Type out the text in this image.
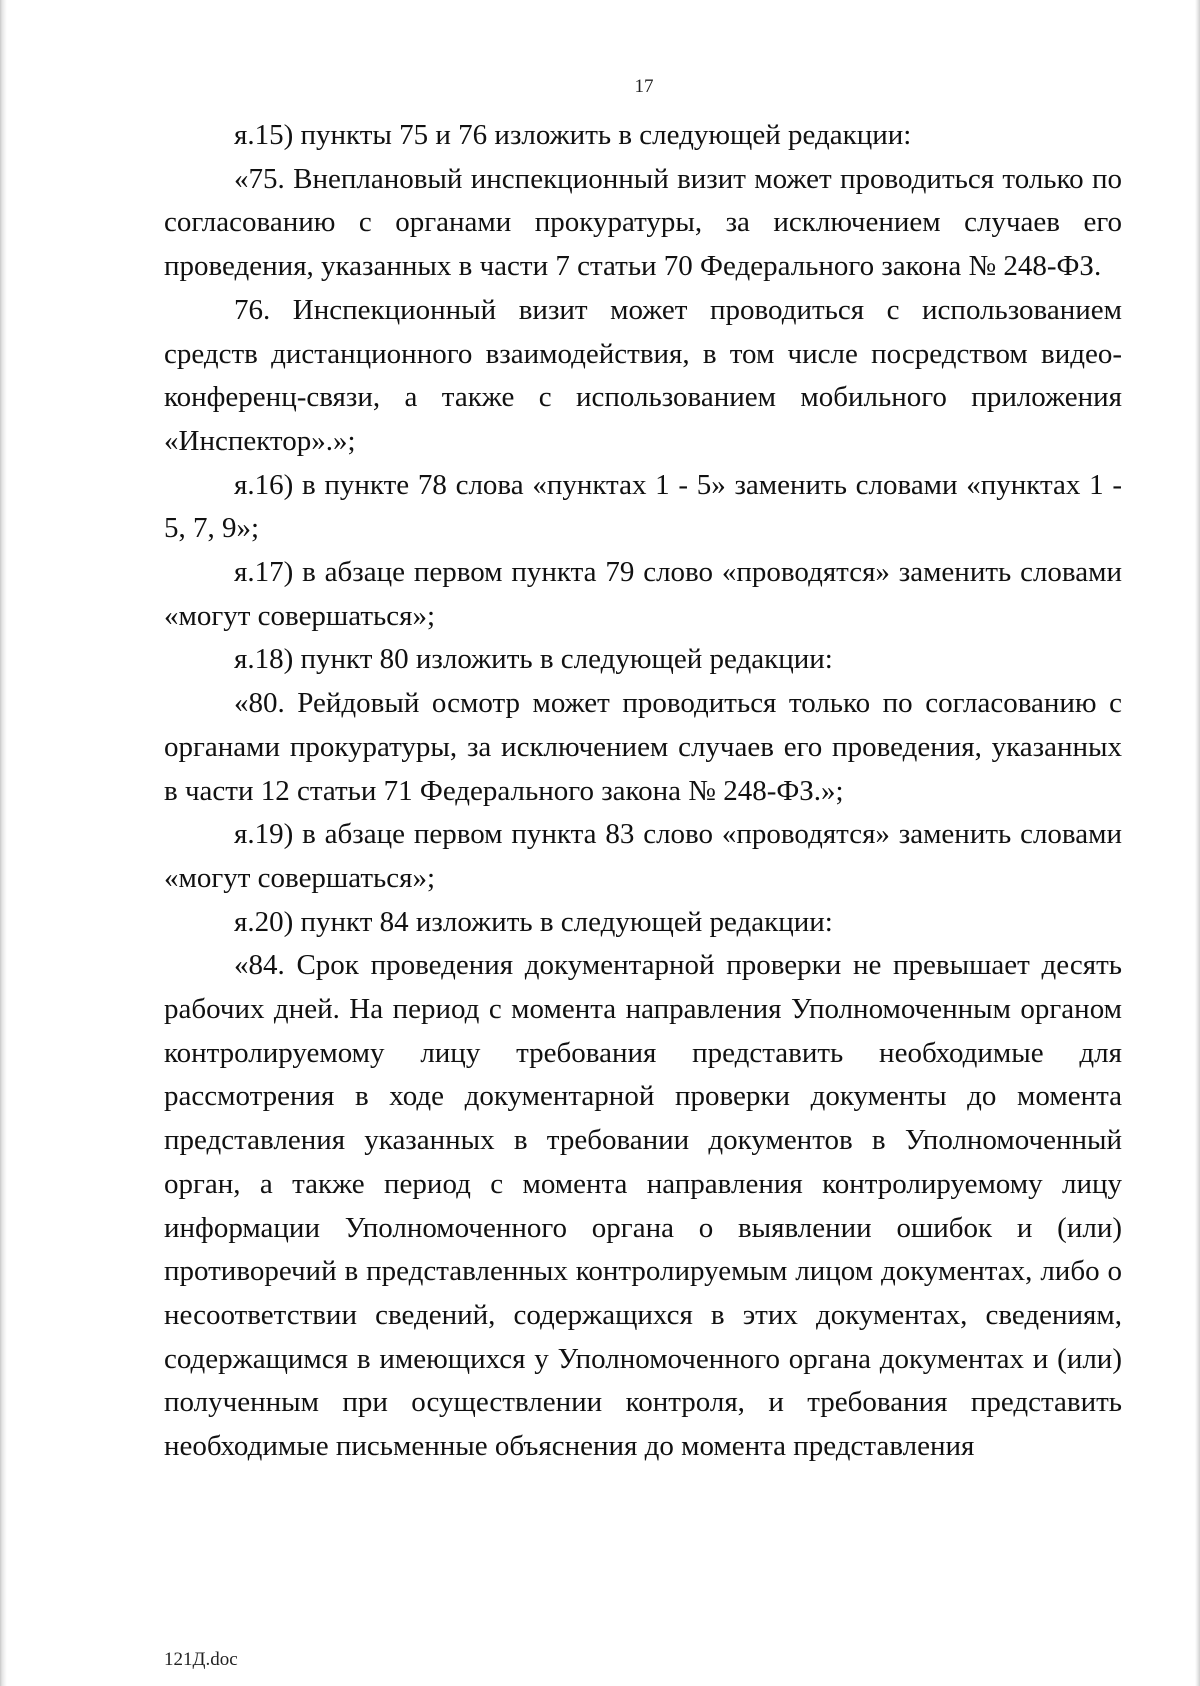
17

я.15) пункты 75 и 76 изложить в следующей редакции:

«75. Внеплановый инспекционный визит может проводиться только по согласованию с органами прокуратуры, за исключением случаев его проведения, указанных в части 7 статьи 70 Федерального закона № 248-ФЗ.

76. Инспекционный визит может проводиться с использованием средств дистанционного взаимодействия, в том числе посредством видео-конференц-связи, а также с использованием мобильного приложения «Инспектор».»;

я.16) в пункте 78 слова «пунктах 1 - 5» заменить словами «пунктах 1 - 5, 7, 9»;

я.17) в абзаце первом пункта 79 слово «проводятся» заменить словами «могут совершаться»;

я.18) пункт 80 изложить в следующей редакции:

«80. Рейдовый осмотр может проводиться только по согласованию с органами прокуратуры, за исключением случаев его проведения, указанных в части 12 статьи 71 Федерального закона № 248-ФЗ.»;

я.19) в абзаце первом пункта 83 слово «проводятся» заменить словами «могут совершаться»;

я.20) пункт 84 изложить в следующей редакции:

«84. Срок проведения документарной проверки не превышает десять рабочих дней. На период с момента направления Уполномоченным органом контролируемому лицу требования представить необходимые для рассмотрения в ходе документарной проверки документы до момента представления указанных в требовании документов в Уполномоченный орган, а также период с момента направления контролируемому лицу информации Уполномоченного органа о выявлении ошибок и (или) противоречий в представленных контролируемым лицом документах, либо о несоответствии сведений, содержащихся в этих документах, сведениям, содержащимся в имеющихся у Уполномоченного органа документах и (или) полученным при осуществлении контроля, и требования представить необходимые письменные объяснения до момента представления

121Д.doc
